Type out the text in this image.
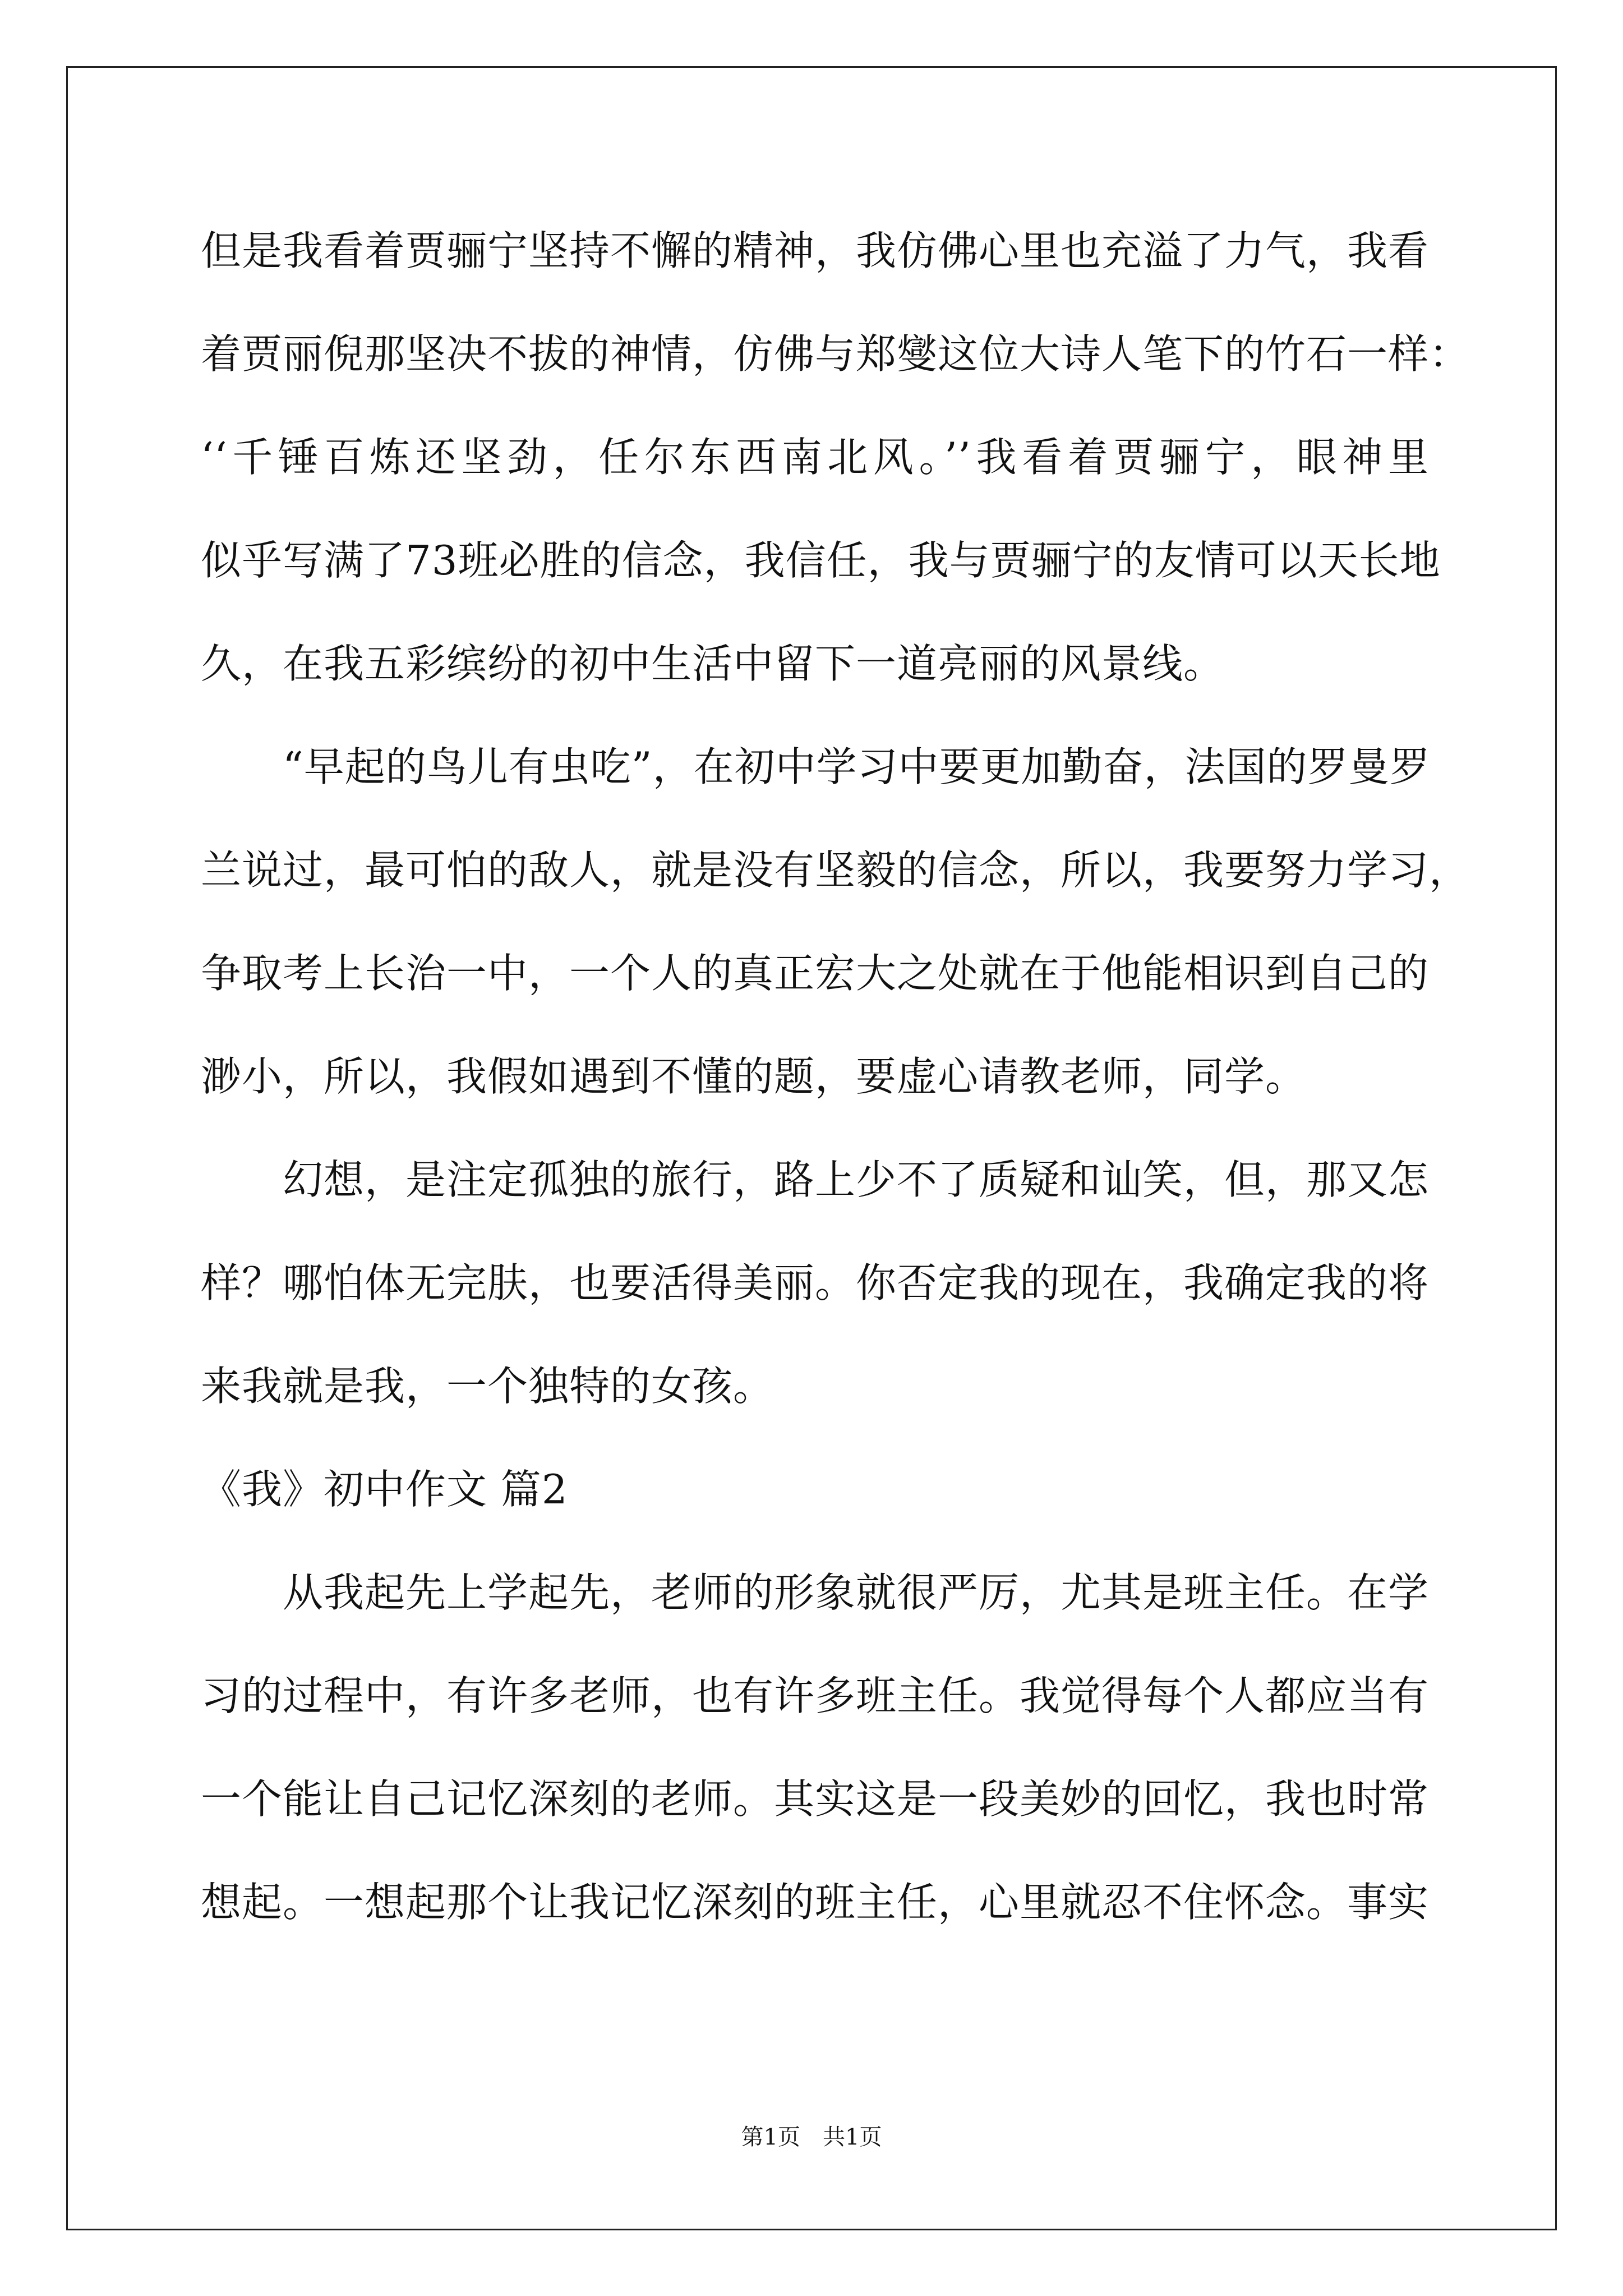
但是我看着贾骊宁坚持不懈的精神，我仿佛心里也充溢了力气，我看
着贾丽倪那坚决不拔的神情，仿佛与郑燮这位大诗人笔下的竹石一样：
‘‘千锤百炼还坚劲，任尔东西南北风。’’我看着贾骊宁，眼神里
似乎写满了73班必胜的信念，我信任，我与贾骊宁的友情可以天长地
久，在我五彩缤纷的初中生活中留下一道亮丽的风景线。
　　“早起的鸟儿有虫吃”，在初中学习中要更加勤奋，法国的罗曼罗
兰说过，最可怕的敌人，就是没有坚毅的信念，所以，我要努力学习，
争取考上长治一中，一个人的真正宏大之处就在于他能相识到自己的
渺小，所以，我假如遇到不懂的题，要虚心请教老师，同学。
　　幻想，是注定孤独的旅行，路上少不了质疑和讪笑，但，那又怎
样？哪怕体无完肤，也要活得美丽。你否定我的现在，我确定我的将
来我就是我，一个独特的女孩。
《我》初中作文 篇2
　　从我起先上学起先，老师的形象就很严厉，尤其是班主任。在学
习的过程中，有许多老师，也有许多班主任。我觉得每个人都应当有
一个能让自己记忆深刻的老师。其实这是一段美妙的回忆，我也时常
想起。一想起那个让我记忆深刻的班主任，心里就忍不住怀念。事实
第1页　共1页
